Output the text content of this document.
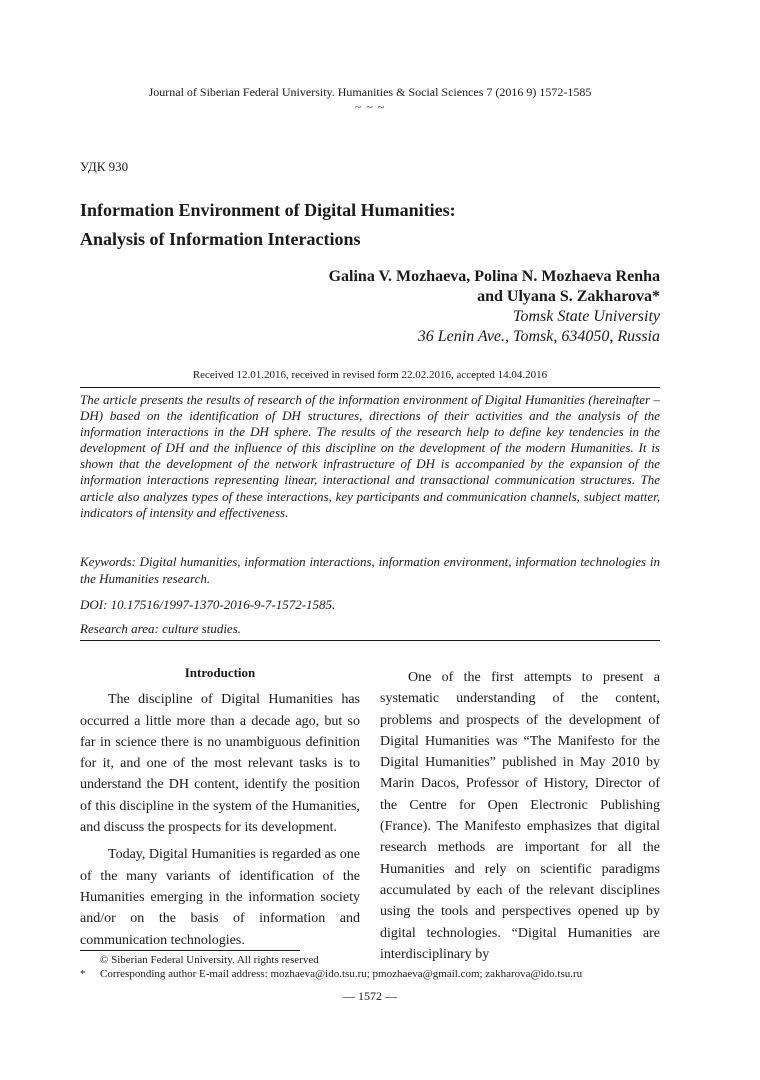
Journal of Siberian Federal University. Humanities & Social Sciences 7 (2016 9) 1572-1585
~ ~ ~
УДК 930
Information Environment of Digital Humanities:
Analysis of Information Interactions
Galina V. Mozhaeva, Polina N. Mozhaeva Renha
and Ulyana S. Zakharova*
Tomsk State University
36 Lenin Ave., Tomsk, 634050, Russia
Received 12.01.2016, received in revised form 22.02.2016, accepted 14.04.2016
The article presents the results of research of the information environment of Digital Humanities (hereinafter – DH) based on the identification of DH structures, directions of their activities and the analysis of the information interactions in the DH sphere. The results of the research help to define key tendencies in the development of DH and the influence of this discipline on the development of the modern Humanities. It is shown that the development of the network infrastructure of DH is accompanied by the expansion of the information interactions representing linear, interactional and transactional communication structures. The article also analyzes types of these interactions, key participants and communication channels, subject matter, indicators of intensity and effectiveness.
Keywords: Digital humanities, information interactions, information environment, information technologies in the Humanities research.
DOI: 10.17516/1997-1370-2016-9-7-1572-1585.
Research area: culture studies.

Introduction

The discipline of Digital Humanities has occurred a little more than a decade ago, but so far in science there is no unambiguous definition for it, and one of the most relevant tasks is to understand the DH content, identify the position of this discipline in the system of the Humanities, and discuss the prospects for its development.

Today, Digital Humanities is regarded as one of the many variants of identification of the Humanities emerging in the information society and/or on the basis of information and communication technologies.

One of the first attempts to present a systematic understanding of the content, problems and prospects of the development of Digital Humanities was “The Manifesto for the Digital Humanities” published in May 2010 by Marin Dacos, Professor of History, Director of the Centre for Open Electronic Publishing (France). The Manifesto emphasizes that digital research methods are important for all the Humanities and rely on scientific paradigms accumulated by each of the relevant disciplines using the tools and perspectives opened up by digital technologies. “Digital Humanities are interdisciplinary by

© Siberian Federal University. All rights reserved
* Corresponding author E-mail address: mozhaeva@ido.tsu.ru; pmozhaeva@gmail.com; zakharova@ido.tsu.ru
— 1572 —
